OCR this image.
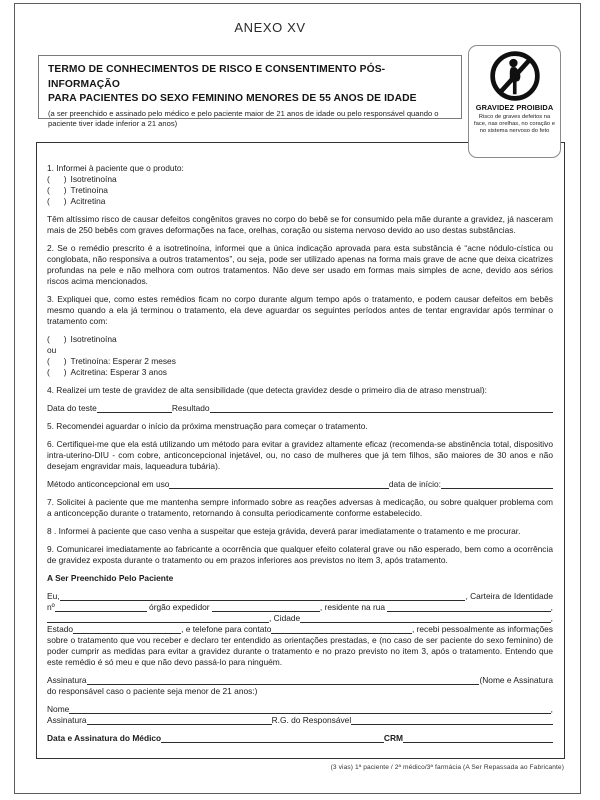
ANEXO XV
TERMO DE CONHECIMENTOS DE RISCO E CONSENTIMENTO PÓS-INFORMAÇÃO
PARA PACIENTES DO SEXO FEMININO MENORES DE 55 ANOS DE IDADE
(a ser preenchido e assinado pelo médico e pelo paciente maior de 21 anos de idade ou pelo responsável quando o paciente tiver idade inferior a 21 anos)
GRAVIDEZ PROIBIDA
Risco de graves defeitos na face, nas orelhas, no coração e no sistema nervoso do feto
1. Informei à paciente que o produto:
(      ) Isotretinoína
(      ) Tretinoína
(      ) Acitretina

Têm altíssimo risco de causar defeitos congênitos graves no corpo do bebê se for consumido pela mãe durante a gravidez, já nasceram mais de 250 bebês com graves deformações na face, orelhas, coração ou sistema nervoso devido ao uso destas substâncias.

2. Se o remédio prescrito é a isotretinoína, informei que a única indicação aprovada para esta substância é “acne nódulo-cística ou conglobata, não responsiva a outros tratamentos”, ou seja, pode ser utilizado apenas na forma mais grave de acne que deixa cicatrizes profundas na pele e não melhora com outros tratamentos. Não deve ser usado em formas mais simples de acne, devido aos sérios riscos acima mencionados.

3. Expliquei que, como estes remédios ficam no corpo durante algum tempo após o tratamento, e podem causar defeitos em bebês mesmo quando a ela já terminou o tratamento, ela deve aguardar os seguintes períodos antes de tentar engravidar após terminar o tratamento com:

(      ) Isotretinoína
ou
(      ) Tretinoína: Esperar 2 meses
(      ) Acitretina: Esperar 3 anos

4. Realizei um teste de gravidez de alta sensibilidade (que detecta gravidez desde o primeiro dia de atraso menstrual):

Data do teste	Resultado

5. Recomendei aguardar o início da próxima menstruação para começar o tratamento.

6. Certifiquei-me que ela está utilizando um método para evitar a gravidez altamente eficaz (recomenda-se abstinência total, dispositivo intra-uterino-DIU - com cobre, anticoncepcional injetável, ou, no caso de mulheres que já tem filhos, são maiores de 30 anos e não desejam engravidar mais, laqueadura tubária).

Método anticoncepcional em uso	data de início:

7. Solicitei à paciente que me mantenha sempre informado sobre as reações adversas à medicação, ou sobre qualquer problema com a anticoncepção durante o tratamento, retornando à consulta periodicamente conforme estabelecido.

8 . Informei à paciente que caso venha a suspeitar que esteja grávida, deverá parar imediatamente o tratamento e me procurar.

9. Comunicarei imediatamente ao fabricante a ocorrência que qualquer efeito colateral grave ou não esperado, bem como a ocorrência de gravidez exposta durante o tratamento ou em prazos inferiores aos previstos no item 3, após tratamento.

A Ser Preenchido Pelo Paciente

Eu,	, Carteira de Identidade
nº	órgão expedidor	, residente na rua	,
, Cidade	,
Estado	, e telefone para contato	, recebi pessoalmente as informações

sobre o tratamento que vou receber e declaro ter entendido as orientações prestadas, e (no caso de ser paciente do sexo feminino) de poder cumprir as medidas para evitar a gravidez durante o tratamento e no prazo previsto no item 3, após o tratamento. Entendo que este remédio é só meu e que não devo passá-lo para ninguém.

Assinatura	(Nome e Assinatura

do responsável caso o paciente seja menor de 21 anos:)

Nome	,
Assinatura	R.G. do Responsável
Data e Assinatura do Médico	CRM
(3 vias) 1ª paciente / 2ª médico/3ª farmácia (A Ser Repassada ao Fabricante)
